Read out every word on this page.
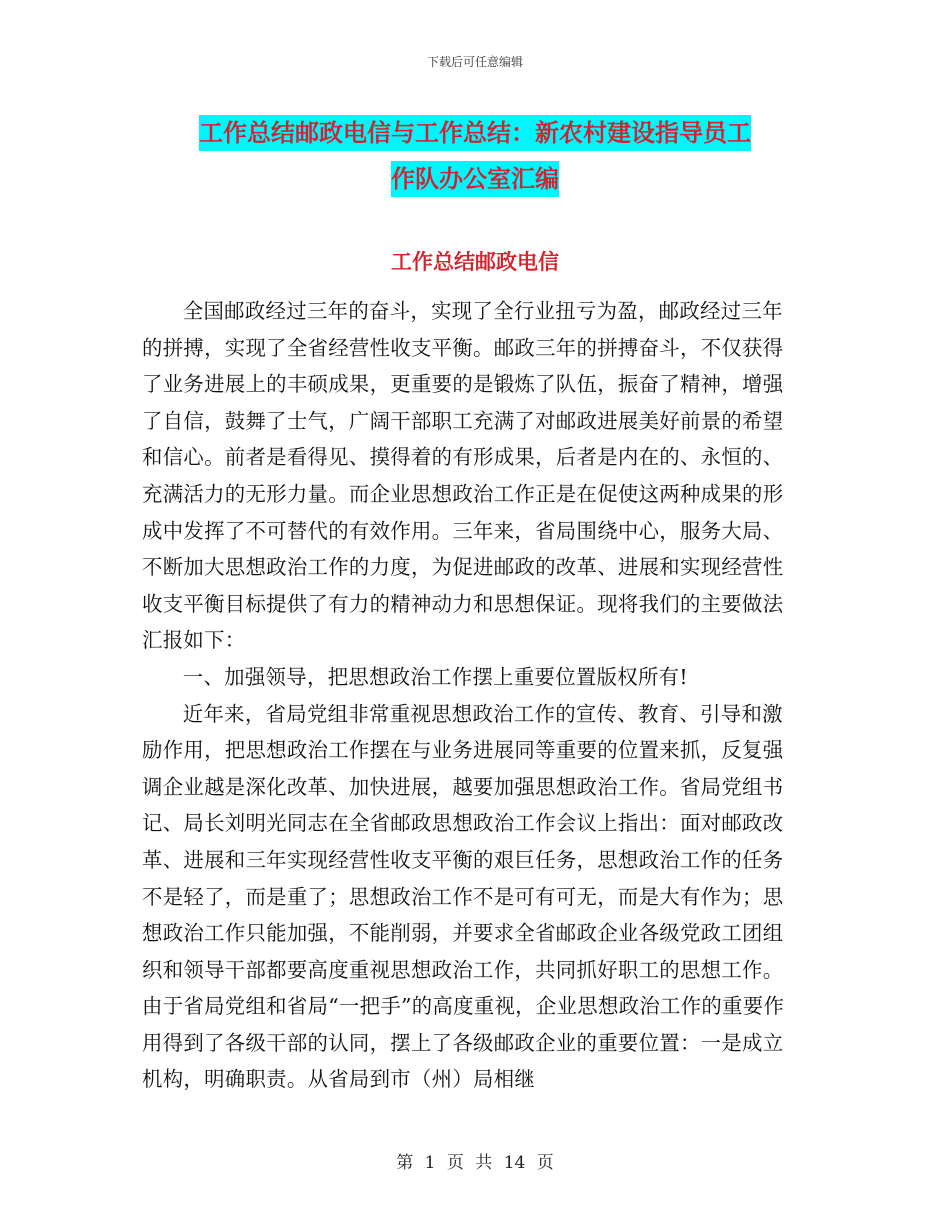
下载后可任意编辑
工作总结邮政电信与工作总结：新农村建设指导员工
作队办公室汇编
工作总结邮政电信

全国邮政经过三年的奋斗，实现了全行业扭亏为盈，邮政经过三年的拼搏，实现了全省经营性收支平衡。邮政三年的拼搏奋斗，不仅获得了业务进展上的丰硕成果，更重要的是锻炼了队伍，振奋了精神，增强了自信，鼓舞了士气，广阔干部职工充满了对邮政进展美好前景的希望和信心。前者是看得见、摸得着的有形成果，后者是内在的、永恒的、充满活力的无形力量。而企业思想政治工作正是在促使这两种成果的形成中发挥了不可替代的有效作用。三年来，省局围绕中心，服务大局、不断加大思想政治工作的力度，为促进邮政的改革、进展和实现经营性收支平衡目标提供了有力的精神动力和思想保证。现将我们的主要做法汇报如下：

一、加强领导，把思想政治工作摆上重要位置版权所有!

近年来，省局党组非常重视思想政治工作的宣传、教育、引导和激励作用，把思想政治工作摆在与业务进展同等重要的位置来抓，反复强调企业越是深化改革、加快进展，越要加强思想政治工作。省局党组书记、局长刘明光同志在全省邮政思想政治工作会议上指出：面对邮政改革、进展和三年实现经营性收支平衡的艰巨任务，思想政治工作的任务不是轻了，而是重了；思想政治工作不是可有可无，而是大有作为；思想政治工作只能加强，不能削弱，并要求全省邮政企业各级党政工团组织和领导干部都要高度重视思想政治工作，共同抓好职工的思想工作。由于省局党组和省局“一把手”的高度重视，企业思想政治工作的重要作用得到了各级干部的认同，摆上了各级邮政企业的重要位置：一是成立机构，明确职责。从省局到市（州）局相继

第 1 页 共 14 页
